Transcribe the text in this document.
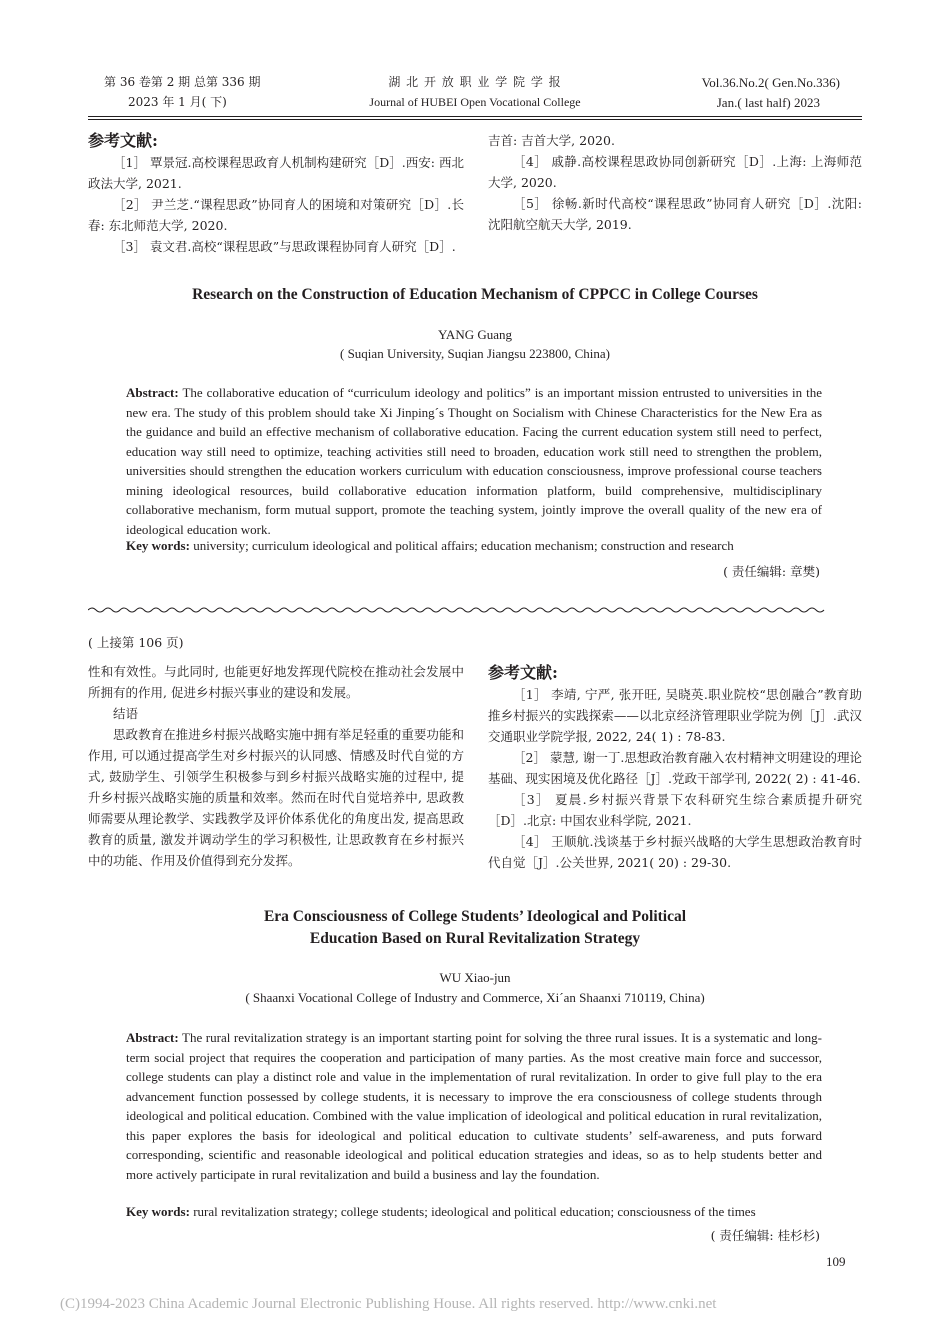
第 36 卷第 2 期 总第 336 期
2023 年 1 月( 下)
湖 北 开 放 职 业 学 院 学 报
Journal of HUBEI Open Vocational College
Vol.36.No.2( Gen.No.336)
Jan.( last half) 2023
参考文献:

［1］ 覃景冠.高校课程思政育人机制构建研究［D］.西安: 西北政法大学, 2021.

［2］ 尹兰芝.“课程思政”协同育人的困境和对策研究［D］.长春: 东北师范大学, 2020.

［3］ 袁文君.高校“课程思政”与思政课程协同育人研究［D］.

吉首: 吉首大学, 2020.

［4］ 戚静.高校课程思政协同创新研究［D］.上海: 上海师范大学, 2020.

［5］ 徐畅.新时代高校“课程思政”协同育人研究［D］.沈阳: 沈阳航空航天大学, 2019.

Research on the Construction of Education Mechanism of CPPCC in College Courses
YANG Guang
( Suqian University, Suqian Jiangsu 223800, China)
Abstract: The collaborative education of “curriculum ideology and politics” is an important mission entrusted to universities in the new era. The study of this problem should take Xi Jinping´s Thought on Socialism with Chinese Characteristics for the New Era as the guidance and build an effective mechanism of collaborative education. Facing the current education system still need to perfect, education way still need to optimize, teaching activities still need to broaden, education work still need to strengthen the problem, universities should strengthen the education workers curriculum with education consciousness, improve professional course teachers mining ideological resources, build collaborative education information platform, build comprehensive, multidisciplinary collaborative mechanism, form mutual support, promote the teaching system, jointly improve the overall quality of the new era of ideological education work.
Key words: university; curriculum ideological and political affairs; education mechanism; construction and research
( 责任编辑: 章樊)

( 上接第 106 页)

性和有效性。与此同时, 也能更好地发挥现代院校在推动社会发展中所拥有的作用, 促进乡村振兴事业的建设和发展。

结语

思政教育在推进乡村振兴战略实施中拥有举足轻重的重要功能和作用, 可以通过提高学生对乡村振兴的认同感、情感及时代自觉的方式, 鼓励学生、引领学生积极参与到乡村振兴战略实施的过程中, 提升乡村振兴战略实施的质量和效率。然而在时代自觉培养中, 思政教师需要从理论教学、实践教学及评价体系优化的角度出发, 提高思政教育的质量, 激发并调动学生的学习积极性, 让思政教育在乡村振兴中的功能、作用及价值得到充分发挥。

参考文献:

［1］ 李靖, 宁严, 张开旺, 吴晓英.职业院校“思创融合”教育助推乡村振兴的实践探索——以北京经济管理职业学院为例［J］.武汉交通职业学院学报, 2022, 24( 1) : 78-83.

［2］ 蒙慧, 谢一丁.思想政治教育融入农村精神文明建设的理论基础、现实困境及优化路径［J］.党政干部学刊, 2022( 2) : 41-46.

［3］ 夏晨.乡村振兴背景下农科研究生综合素质提升研究［D］.北京: 中国农业科学院, 2021.

［4］ 王顺航.浅谈基于乡村振兴战略的大学生思想政治教育时代自觉［J］.公关世界, 2021( 20) : 29-30.

Era Consciousness of College Students’ Ideological and Political
Education Based on Rural Revitalization Strategy
WU Xiao-jun
( Shaanxi Vocational College of Industry and Commerce, Xi´an Shaanxi 710119, China)
Abstract: The rural revitalization strategy is an important starting point for solving the three rural issues. It is a systematic and long-term social project that requires the cooperation and participation of many parties. As the most creative main force and successor, college students can play a distinct role and value in the implementation of rural revitalization. In order to give full play to the era advancement function possessed by college students, it is necessary to improve the era consciousness of college students through ideological and political education. Combined with the value implication of ideological and political education in rural revitalization, this paper explores the basis for ideological and political education to cultivate students’ self-awareness, and puts forward corresponding, scientific and reasonable ideological and political education strategies and ideas, so as to help students better and more actively participate in rural revitalization and build a business and lay the foundation.
Key words: rural revitalization strategy; college students; ideological and political education; consciousness of the times
( 责任编辑: 桂杉杉)
109
(C)1994-2023 China Academic Journal Electronic Publishing House. All rights reserved. http://www.cnki.net
